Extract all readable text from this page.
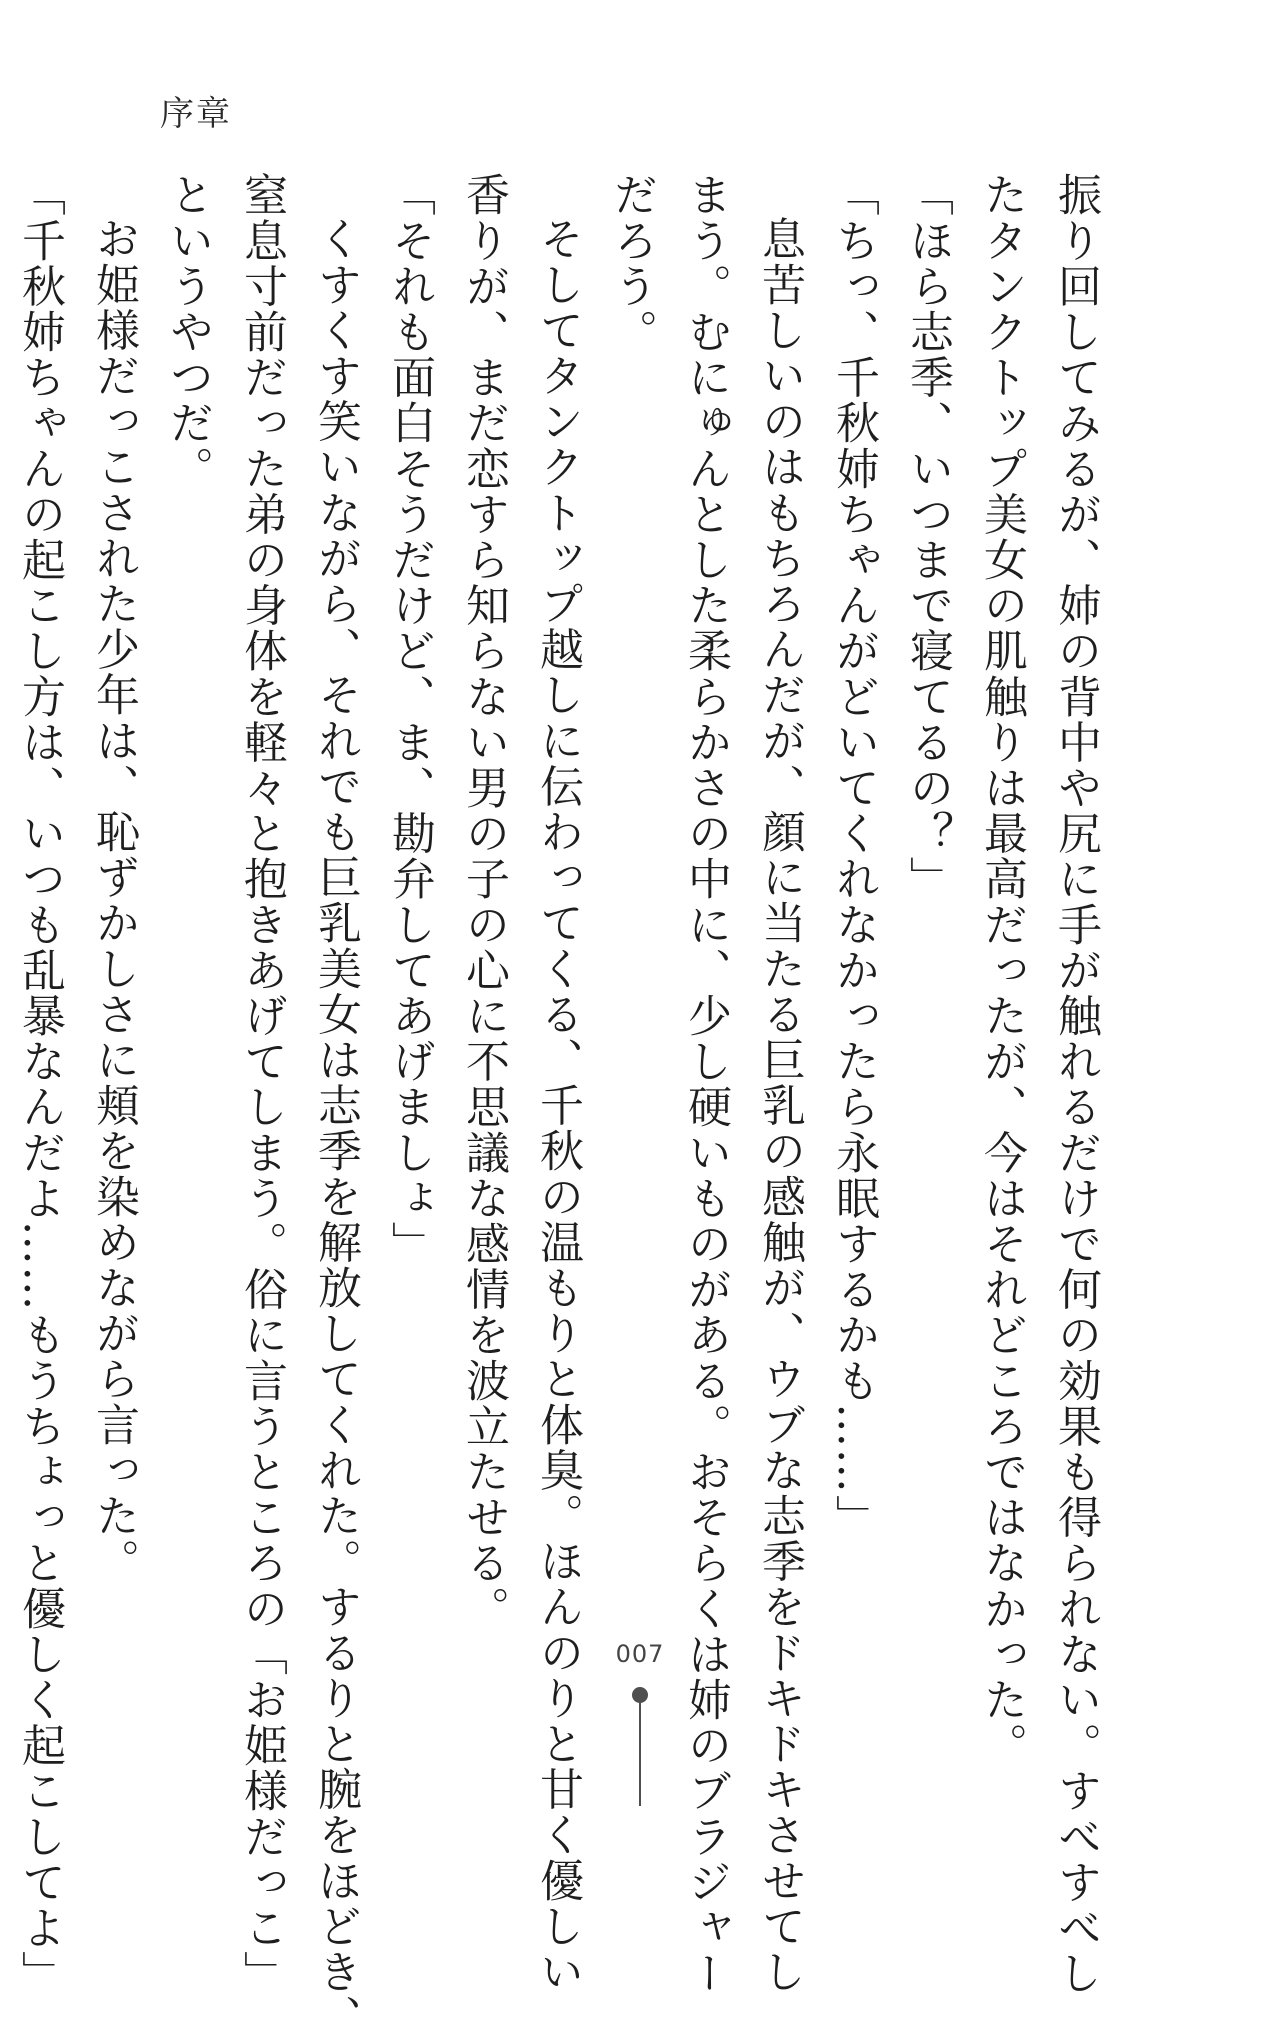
序章
振り回してみるが、姉の背中や尻に手が触れるだけで何の効果も得られない。すべすべし
たタンクトップ美女の肌触りは最高だったが、今はそれどころではなかった。
「ほら志季、いつまで寝てるの？」
「ちっ、千秋姉ちゃんがどいてくれなかったら永眠するかも……」
息苦しいのはもちろんだが、顔に当たる巨乳の感触が、ウブな志季をドキドキさせてし
まう。むにゅんとした柔らかさの中に、少し硬いものがある。おそらくは姉のブラジャー
だろう。
そしてタンクトップ越しに伝わってくる、千秋の温もりと体臭。ほんのりと甘く優しい
香りが、まだ恋すら知らない男の子の心に不思議な感情を波立たせる。
「それも面白そうだけど、ま、勘弁してあげましょ」
くすくす笑いながら、それでも巨乳美女は志季を解放してくれた。するりと腕をほどき、
窒息寸前だった弟の身体を軽々と抱きあげてしまう。俗に言うところの「お姫様だっこ」
というやつだ。
お姫様だっこされた少年は、恥ずかしさに頬を染めながら言った。
「千秋姉ちゃんの起こし方は、いつも乱暴なんだよ……もうちょっと優しく起こしてよ」	007
